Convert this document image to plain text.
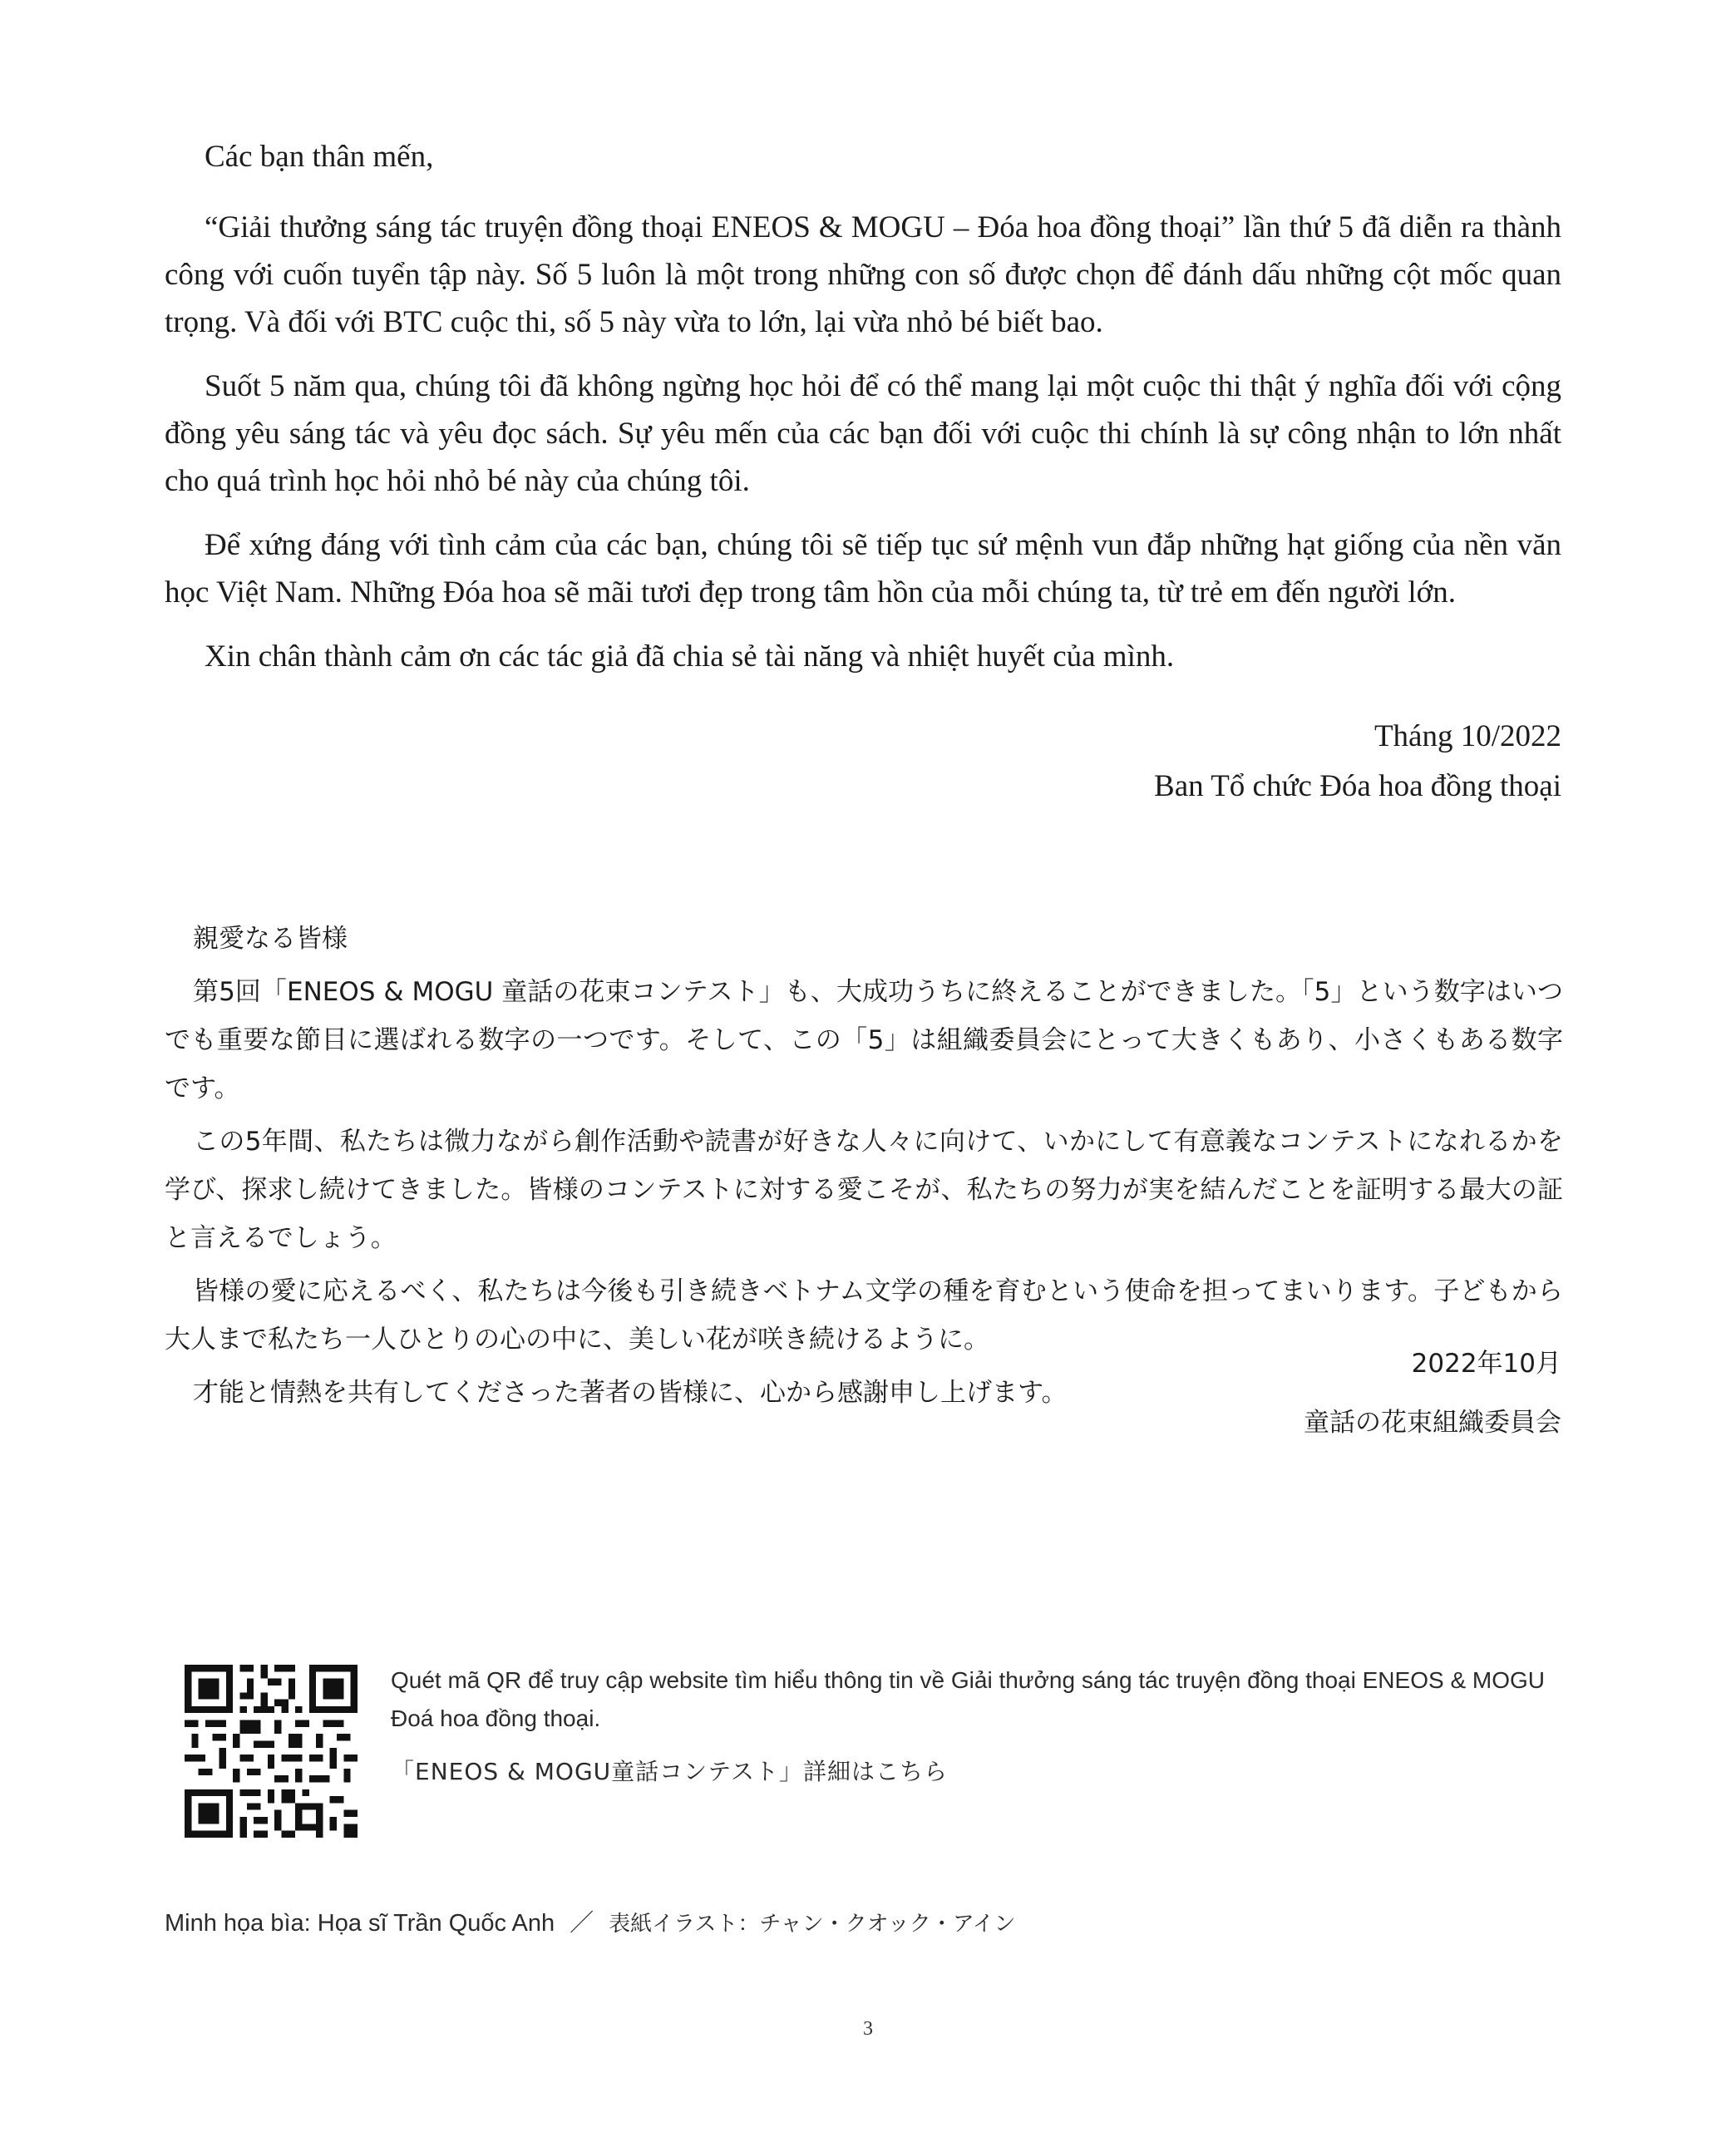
Các bạn thân mến,

“Giải thưởng sáng tác truyện đồng thoại ENEOS & MOGU – Đóa hoa đồng thoại” lần thứ 5 đã diễn ra thành công với cuốn tuyển tập này. Số 5 luôn là một trong những con số được chọn để đánh dấu những cột mốc quan trọng. Và đối với BTC cuộc thi, số 5 này vừa to lớn, lại vừa nhỏ bé biết bao.

Suốt 5 năm qua, chúng tôi đã không ngừng học hỏi để có thể mang lại một cuộc thi thật ý nghĩa đối với cộng đồng yêu sáng tác và yêu đọc sách. Sự yêu mến của các bạn đối với cuộc thi chính là sự công nhận to lớn nhất cho quá trình học hỏi nhỏ bé này của chúng tôi.

Để xứng đáng với tình cảm của các bạn, chúng tôi sẽ tiếp tục sứ mệnh vun đắp những hạt giống của nền văn học Việt Nam. Những Đóa hoa sẽ mãi tươi đẹp trong tâm hồn của mỗi chúng ta, từ trẻ em đến người lớn.

Xin chân thành cảm ơn các tác giả đã chia sẻ tài năng và nhiệt huyết của mình.

Tháng 10/2022
Ban Tổ chức Đóa hoa đồng thoại

親愛なる皆様

第5回「ENEOS & MOGU 童話の花束コンテスト」も、大成功うちに終えることができました。「5」という数字はいつでも重要な節目に選ばれる数字の一つです。そして、この「5」は組織委員会にとって大きくもあり、小さくもある数字です。

この5年間、私たちは微力ながら創作活動や読書が好きな人々に向けて、いかにして有意義なコンテストになれるかを学び、探求し続けてきました。皆様のコンテストに対する愛こそが、私たちの努力が実を結んだことを証明する最大の証と言えるでしょう。

皆様の愛に応えるべく、私たちは今後も引き続きベトナム文学の種を育むという使命を担ってまいります。子どもから大人まで私たち一人ひとりの心の中に、美しい花が咲き続けるように。

才能と情熱を共有してくださった著者の皆様に、心から感謝申し上げます。

2022年10月
童話の花束組織委員会
Quét mã QR để truy cập website tìm hiểu thông tin về Giải thưởng sáng tác truyện đồng thoại ENEOS & MOGU Đoá hoa đồng thoại.
「ENEOS & MOGU童話コンテスト」詳細はこちら
Minh họa bìa: Họa sĩ Trần Quốc Anh ／ 表紙イラスト：チャン・クオック・アイン
3
